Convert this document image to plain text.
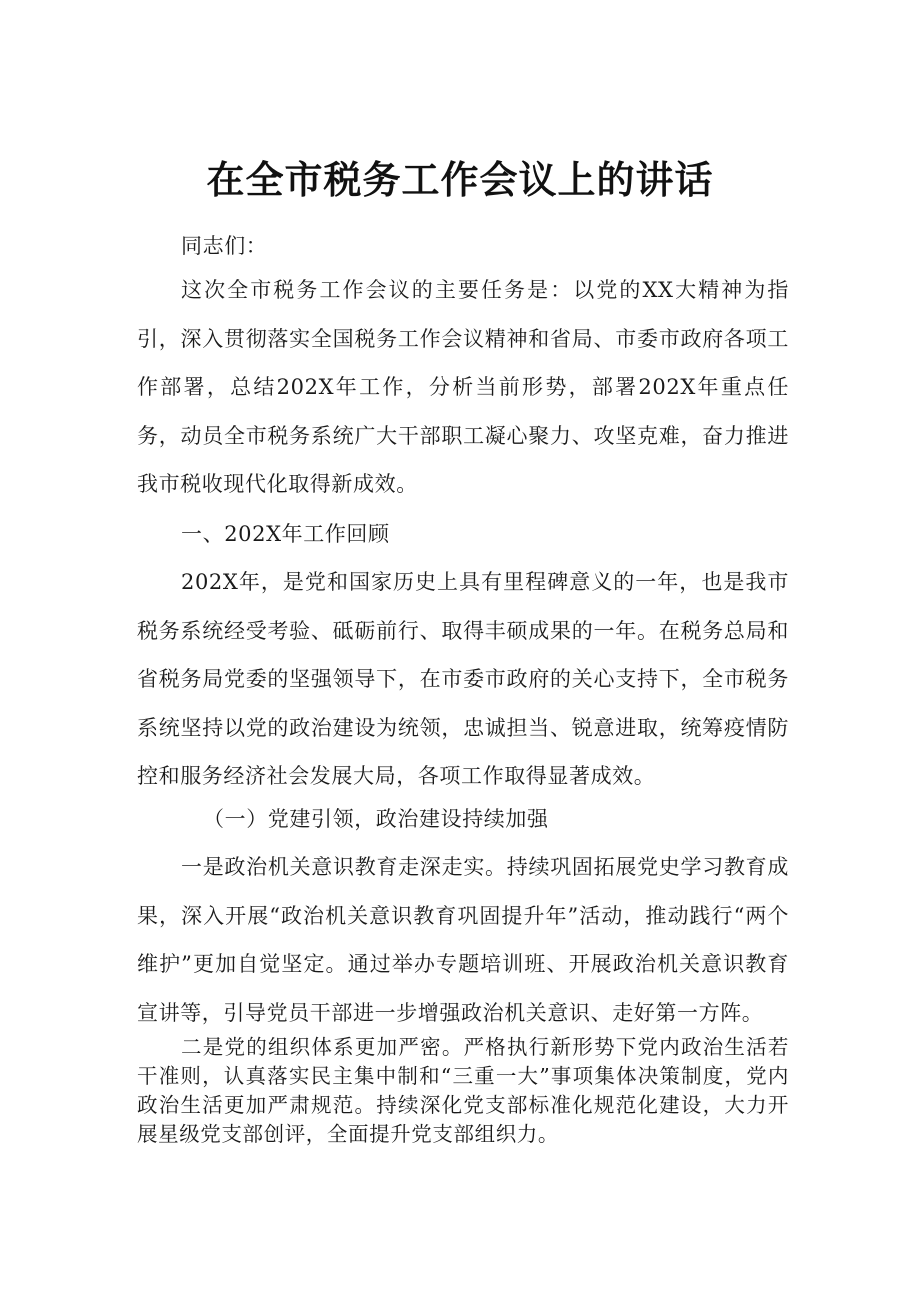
在全市税务工作会议上的讲话

同志们：

这次全市税务工作会议的主要任务是：以党的XX大精神为指引，深入贯彻落实全国税务工作会议精神和省局、市委市政府各项工作部署，总结202X年工作，分析当前形势，部署202X年重点任务，动员全市税务系统广大干部职工凝心聚力、攻坚克难，奋力推进我市税收现代化取得新成效。

一、202X年工作回顾

202X年，是党和国家历史上具有里程碑意义的一年，也是我市税务系统经受考验、砥砺前行、取得丰硕成果的一年。在税务总局和省税务局党委的坚强领导下，在市委市政府的关心支持下，全市税务系统坚持以党的政治建设为统领，忠诚担当、锐意进取，统筹疫情防控和服务经济社会发展大局，各项工作取得显著成效。

（一）党建引领，政治建设持续加强

一是政治机关意识教育走深走实。持续巩固拓展党史学习教育成果，深入开展“政治机关意识教育巩固提升年”活动，推动践行“两个维护”更加自觉坚定。通过举办专题培训班、开展政治机关意识教育宣讲等，引导党员干部进一步增强政治机关意识、走好第一方阵。

二是党的组织体系更加严密。严格执行新形势下党内政治生活若干准则，认真落实民主集中制和“三重一大”事项集体决策制度，党内政治生活更加严肃规范。持续深化党支部标准化规范化建设，大力开展星级党支部创评，全面提升党支部组织力。
